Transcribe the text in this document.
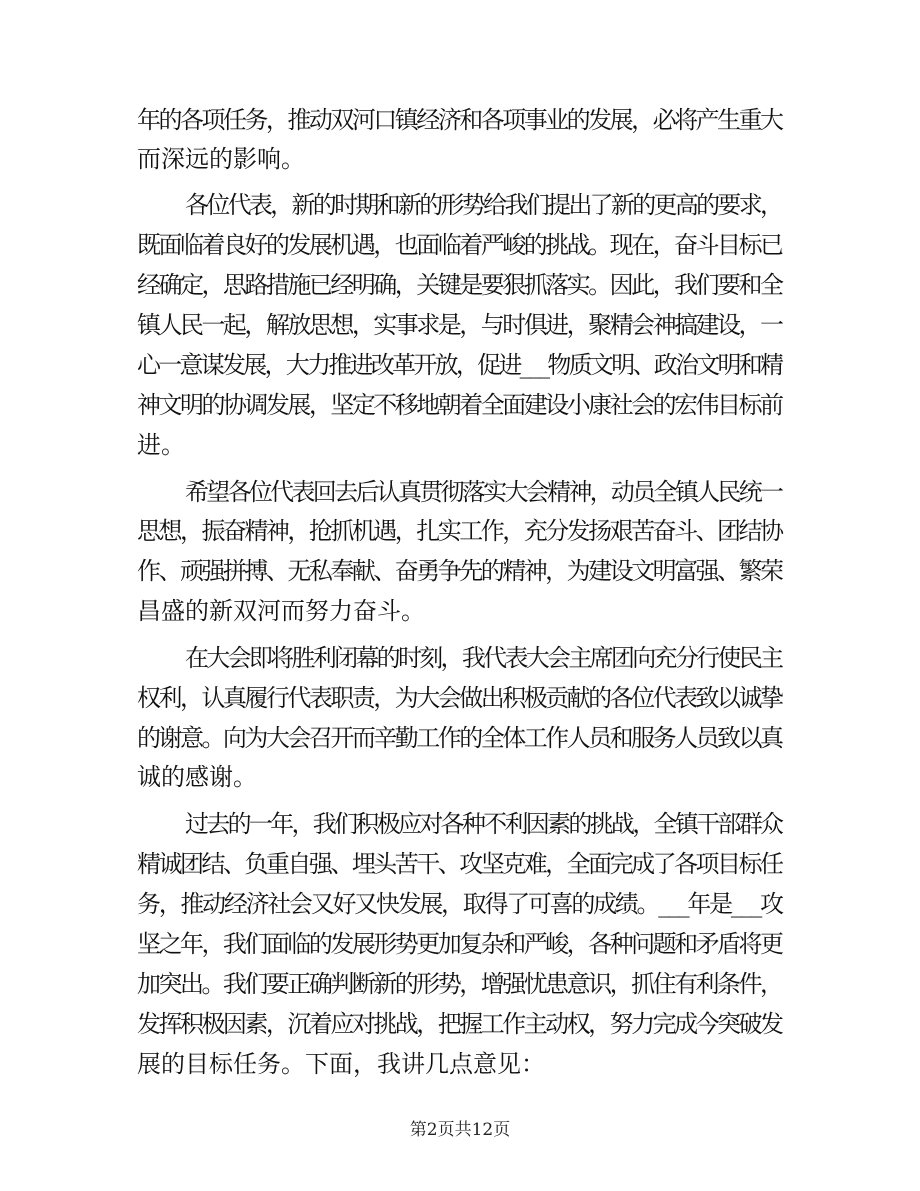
年的各项任务，推动双河口镇经济和各项事业的发展，必将产生重大
而深远的影响。
各位代表，新的时期和新的形势给我们提出了新的更高的要求，
既面临着良好的发展机遇，也面临着严峻的挑战。现在，奋斗目标已
经确定，思路措施已经明确，关键是要狠抓落实。因此，我们要和全
镇人民一起，解放思想，实事求是，与时俱进，聚精会神搞建设，一
心一意谋发展，大力推进改革开放，促进___物质文明、政治文明和精
神文明的协调发展，坚定不移地朝着全面建设小康社会的宏伟目标前
进。
希望各位代表回去后认真贯彻落实大会精神，动员全镇人民统一
思想，振奋精神，抢抓机遇，扎实工作，充分发扬艰苦奋斗、团结协
作、顽强拼搏、无私奉献、奋勇争先的精神，为建设文明富强、繁荣
昌盛的新双河而努力奋斗。
在大会即将胜利闭幕的时刻，我代表大会主席团向充分行使民主
权利，认真履行代表职责，为大会做出积极贡献的各位代表致以诚挚
的谢意。向为大会召开而辛勤工作的全体工作人员和服务人员致以真
诚的感谢。
过去的一年，我们积极应对各种不利因素的挑战，全镇干部群众
精诚团结、负重自强、埋头苦干、攻坚克难，全面完成了各项目标任
务，推动经济社会又好又快发展，取得了可喜的成绩。___年是___攻
坚之年，我们面临的发展形势更加复杂和严峻，各种问题和矛盾将更
加突出。我们要正确判断新的形势，增强忧患意识，抓住有利条件，
发挥积极因素，沉着应对挑战，把握工作主动权，努力完成今突破发
展的目标任务。下面，我讲几点意见：
第2页共12页
